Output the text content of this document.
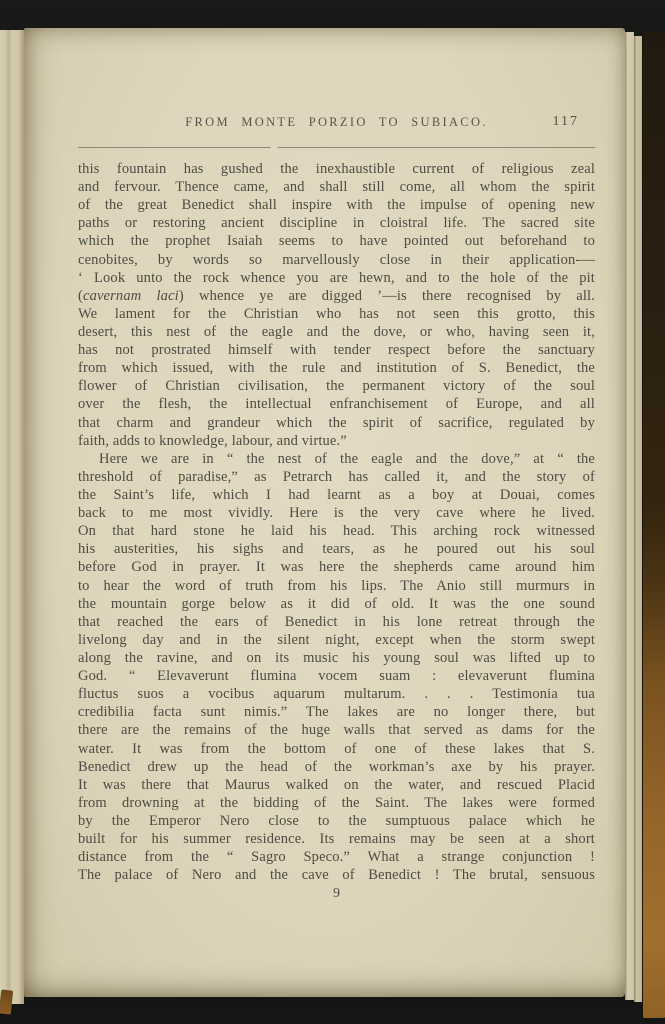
FROM MONTE PORZIO TO SUBIACO.	117
this fountain has gushed the inexhaustible current of religious zeal
and fervour. Thence came, and shall still come, all whom the spirit
of the great Benedict shall inspire with the impulse of opening new
paths or restoring ancient discipline in cloistral life. The sacred site
which the prophet Isaiah seems to have pointed out beforehand to
cenobites, by words so marvellously close in their application-—
‘ Look unto the rock whence you are hewn, and to the hole of the pit
(cavernam laci) whence ye are digged ’—is there recognised by all.
We lament for the Christian who has not seen this grotto, this
desert, this nest of the eagle and the dove, or who, having seen it,
has not prostrated himself with tender respect before the sanctuary
from which issued, with the rule and institution of S. Benedict, the
flower of Christian civilisation, the permanent victory of the soul
over the flesh, the intellectual enfranchisement of Europe, and all
that charm and grandeur which the spirit of sacrifice, regulated by
faith, adds to knowledge, labour, and virtue.”
Here we are in “ the nest of the eagle and the dove,” at “ the
threshold of paradise,” as Petrarch has called it, and the story of
the Saint’s life, which I had learnt as a boy at Douai, comes
back to me most vividly. Here is the very cave where he lived.
On that hard stone he laid his head. This arching rock witnessed
his austerities, his sighs and tears, as he poured out his soul
before God in prayer. It was here the shepherds came around him
to hear the word of truth from his lips. The Anio still murmurs in
the mountain gorge below as it did of old. It was the one sound
that reached the ears of Benedict in his lone retreat through the
livelong day and in the silent night, except when the storm swept
along the ravine, and on its music his young soul was lifted up to
God. “ Elevaverunt flumina vocem suam : elevaverunt flumina
fluctus suos a vocibus aquarum multarum. . . . Testimonia tua
credibilia facta sunt nimis.” The lakes are no longer there, but
there are the remains of the huge walls that served as dams for the
water. It was from the bottom of one of these lakes that S.
Benedict drew up the head of the workman’s axe by his prayer.
It was there that Maurus walked on the water, and rescued Placid
from drowning at the bidding of the Saint. The lakes were formed
by the Emperor Nero close to the sumptuous palace which he
built for his summer residence. Its remains may be seen at a short
distance from the “ Sagro Speco.” What a strange conjunction !
The palace of Nero and the cave of Benedict ! The brutal, sensuous
9
